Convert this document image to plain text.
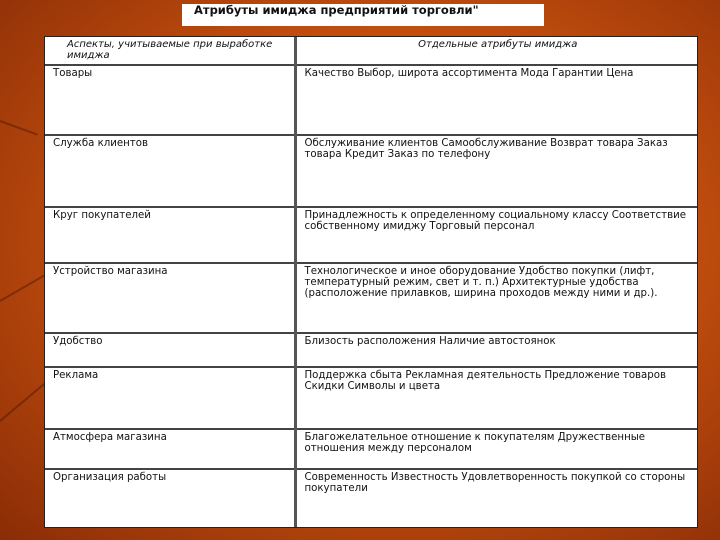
Атрибуты имиджа предприятий торговли"
Аспекты, учитываемые при выработке имиджа	Отдельные атрибуты имиджа
Товары	Качество Выбор, широта ассортимента Мода Гарантии Цена
Служба клиентов	Обслуживание клиентов Самообслуживание Возврат товара Заказ товара Кредит Заказ по телефону
Круг покупателей	Принадлежность к определенному социальному классу Соответствие собственному имиджу Торговый персонал
Устройство магазина	Технологическое и иное оборудование Удобство покупки (лифт, температурный режим, свет и т. п.) Архитектурные удобства (расположение прилавков, ширина проходов между ними и др.).
Удобство	Близость расположения Наличие автостоянок
Реклама	Поддержка сбыта Рекламная деятельность Предложение товаров Скидки Символы и цвета
Атмосфера магазина	Благожелательное отношение к покупателям Дружественные отношения между персоналом
Организация работы	Современность Известность Удовлетворенность покупкой со стороны покупатели
